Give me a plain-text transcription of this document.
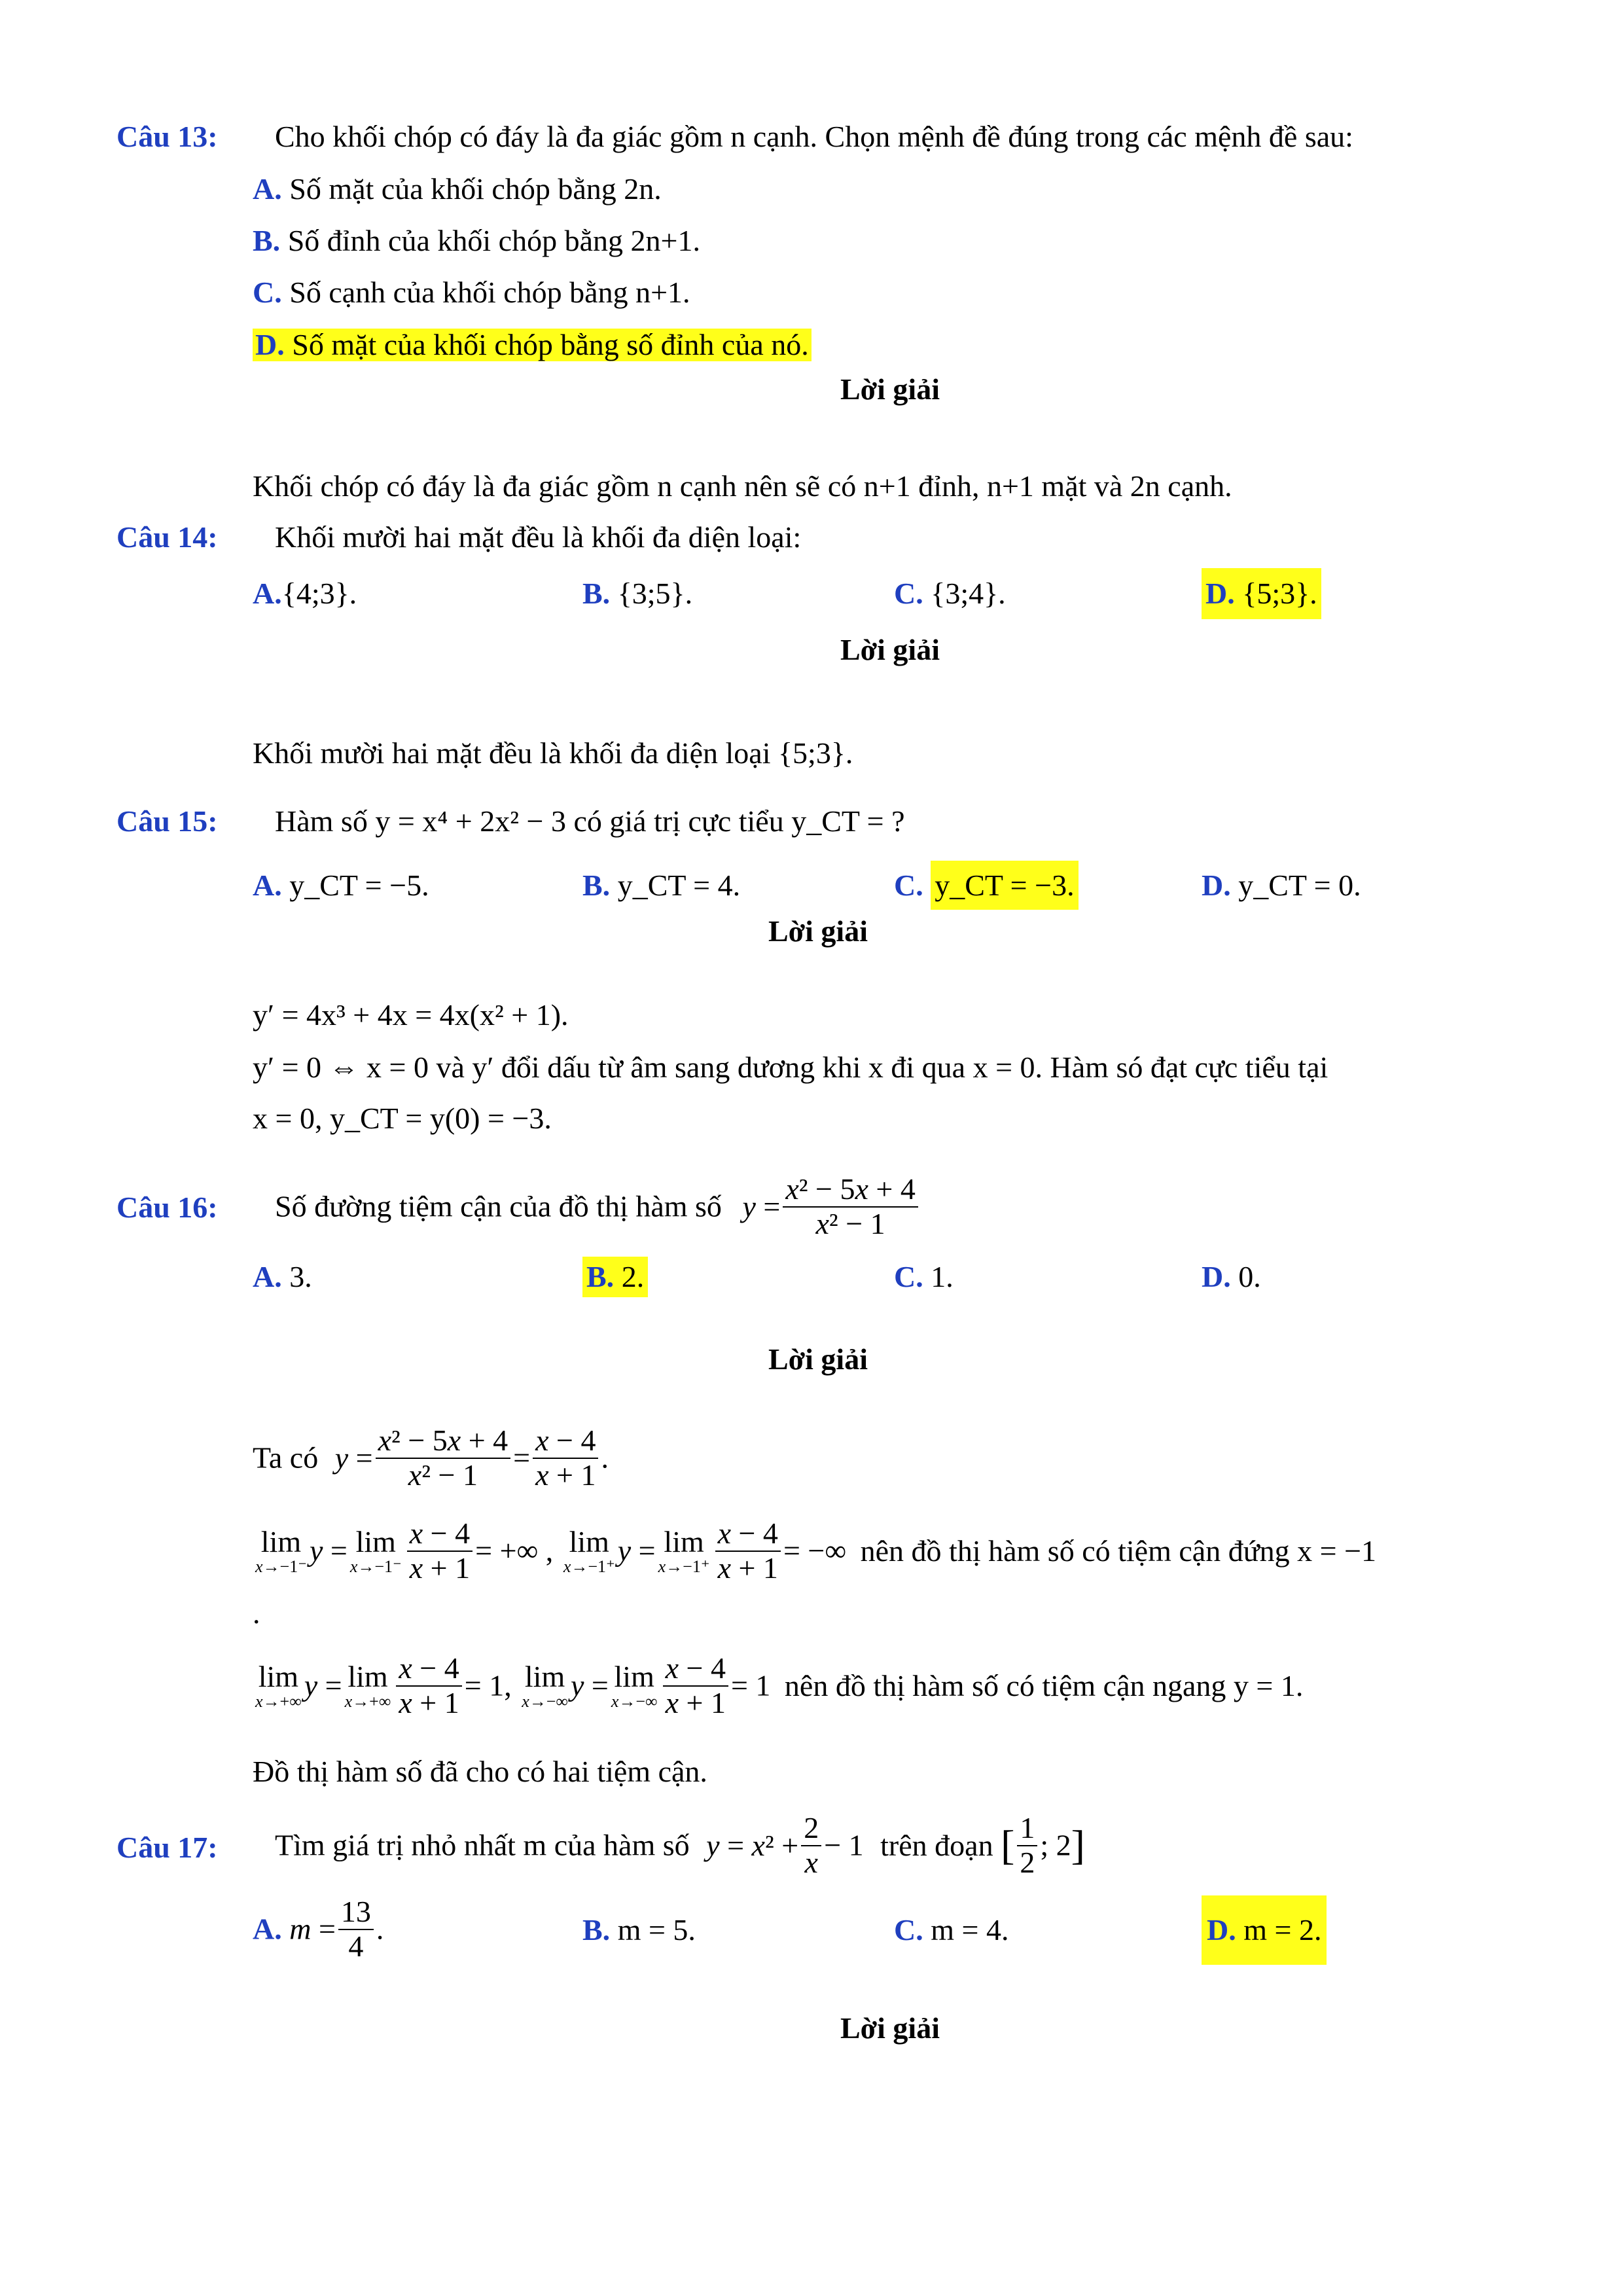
Câu 13: Cho khối chóp có đáy là đa giác gồm n cạnh. Chọn mệnh đề đúng trong các mệnh đề sau:
A. Số mặt của khối chóp bằng 2n.
B. Số đỉnh của khối chóp bằng 2n+1.
C. Số cạnh của khối chóp bằng n+1.
D. Số mặt của khối chóp bằng số đỉnh của nó.
Lời giải
Khối chóp có đáy là đa giác gồm n cạnh nên sẽ có n+1 đỉnh, n+1 mặt và 2n cạnh.
Câu 14: Khối mười hai mặt đều là khối đa diện loại:
A.{4;3}.	B. {3;5}.	C. {3;4}.	D. {5;3}.
Lời giải
Khối mười hai mặt đều là khối đa diện loại {5;3}.
Câu 15: Hàm số y = x⁴ + 2x² − 3 có giá trị cực tiểu y_CT = ?
A. y_CT = −5.	B. y_CT = 4.	C. y_CT = −3.	D. y_CT = 0.
Lời giải
y′ = 4x³ + 4x = 4x(x² + 1).
y′ = 0 ⇔ x = 0 và y′ đổi dấu từ âm sang dương khi x đi qua x = 0. Hàm só đạt cực tiểu tại
x = 0, y_CT = y(0) = −3.
Câu 16: Số đường tiệm cận của đồ thị hàm số $y = \frac{\text{x² − 5x + 4}}{\text{x² − 1}}$
A. 3.	B. 2.	C. 1.	D. 0.
Lời giải
Ta có $y = \frac{\text{x² − 5x + 4}}{\text{x² − 1}} = \frac{x - 4}{x + 1}$ .
lim
x→−1⁻ y = lim
$x\to-1^- \frac{x - 4}{x + 1}$ = +∞ , lim
x→−1⁺ y = lim
$x\to-1^+ \frac{x - 4}{x + 1}$ = −∞ nên đồ thị hàm số có tiệm cận đứng x = −1
.
lim
x→+∞ y = lim
$x\to+\infty \frac{x - 4}{x + 1} = 1$, lim
x→−∞ y = lim
$x\to-\infty \frac{x - 4}{x + 1} = 1$ nên đồ thị hàm số có tiệm cận ngang y = 1.
Đồ thị hàm số đã cho có hai tiệm cận.
Câu 17: Tìm giá trị nhỏ nhất m của hàm số $y = x^2 + \frac{2}{x} - 1$ trên đoạn [ $\frac{1}{2}$ ; 2]
A. $m = \frac{13}{4}$ .	B. m = 5.	C. m = 4.	D. m = 2.
Lời giải
